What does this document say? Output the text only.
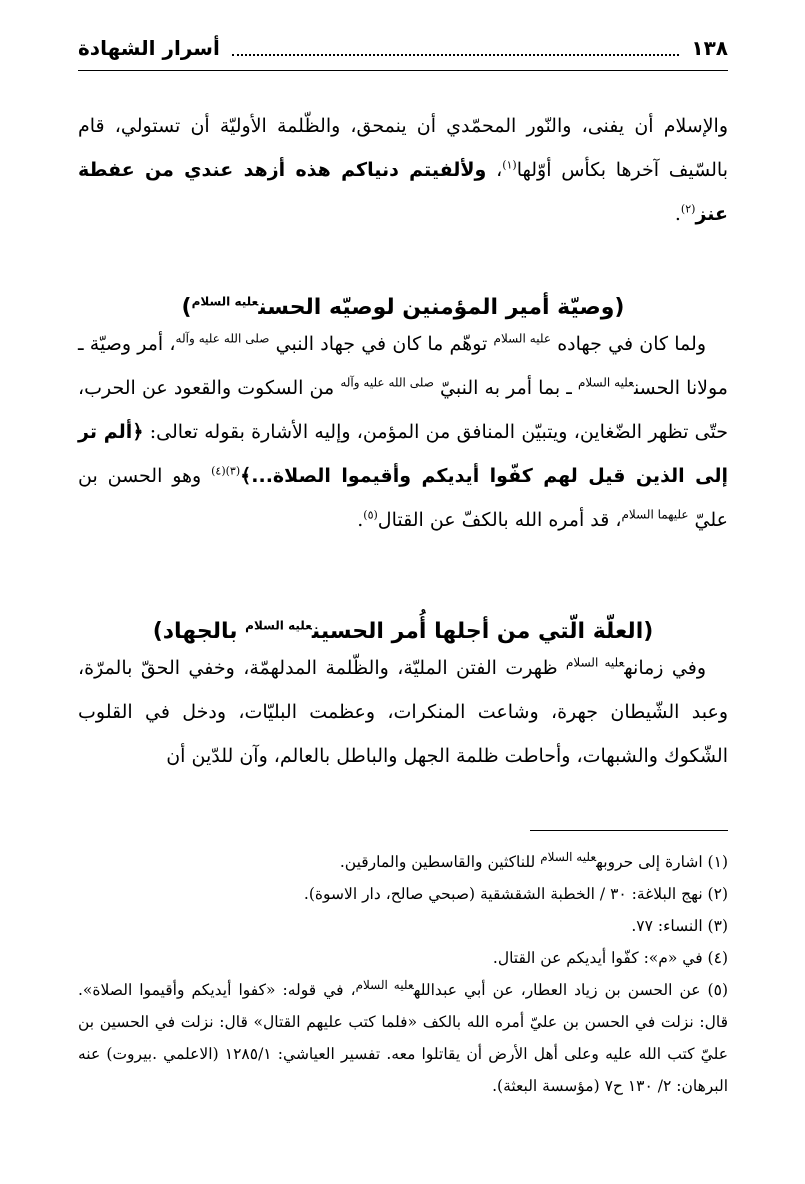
١٣٨
أسرار الشهادة
والإسلام أن يفنى، والنّور المحمّدي أن ينمحق، والظّلمة الأوليّة أن تستولي، قام بالسّيف آخرها بكأس أوّلها$^{(١)}$، ولألفيتم دنياكم هذه أزهد عندي من عفطة عنز$^{(٢)}$.
(وصيّة أمير المؤمنين لوصيّه الحسن$^{عليه السلام}$)
ولما كان في جهاده $^{عليه السلام}$ توهّم ما كان في جهاد النبي $^{صلى الله عليه وآله}$، أمر وصيّة ـ مولانا الحسن$^{عليه السلام}$ ـ بما أمر به النبيّ $^{صلى الله عليه وآله}$ من السكوت والقعود عن الحرب، حتّى تظهر الضّغاين، ويتبيّن المنافق من المؤمن، وإليه الأشارة بقوله تعالى: ﴿ألم تر إلى الذين قيل لهم كفّوا أيديكم وأقيموا الصلاة...﴾$^{(٣)(٤)}$ وهو الحسن بن عليّ $^{عليهما السلام}$، قد أمره الله بالكفّ عن القتال$^{(٥)}$.
(العلّة الّتي من أجلها أُمر الحسين$^{عليه السلام}$ بالجهاد)
وفي زمانه$^{عليه السلام}$ ظهرت الفتن المليّة، والظّلمة المدلهمّة، وخفي الحقّ بالمرّة، وعبد الشّيطان جهرة، وشاعت المنكرات، وعظمت البليّات، ودخل في القلوب الشّكوك والشبهات، وأحاطت ظلمة الجهل والباطل بالعالم، وآن للدّين أن
(١) اشارة إلى حروبه$^{عليه السلام}$ للناكثين والقاسطين والمارقين.
(٢) نهج البلاغة: ٣٠ / الخطبة الشقشقية (صبحي صالح، دار الاسوة).
(٣) النساء: ٧٧.
(٤) في «م»: كفّوا أيديكم عن القتال.
(٥) عن الحسن بن زياد العطار، عن أبي عبدالله$^{عليه السلام}$، في قوله: «كفوا أيديكم وأقيموا الصلاة». قال: نزلت في الحسن بن عليّ أمره الله بالكف «فلما كتب عليهم القتال» قال: نزلت في الحسين بن عليّ كتب الله عليه وعلى أهل الأرض أن يقاتلوا معه. تفسير العياشي: ١٢٨٥/١ (الاعلمي .بيروت) عنه البرهان: ٢/ ١٣٠ ح٧ (مؤسسة البعثة).
